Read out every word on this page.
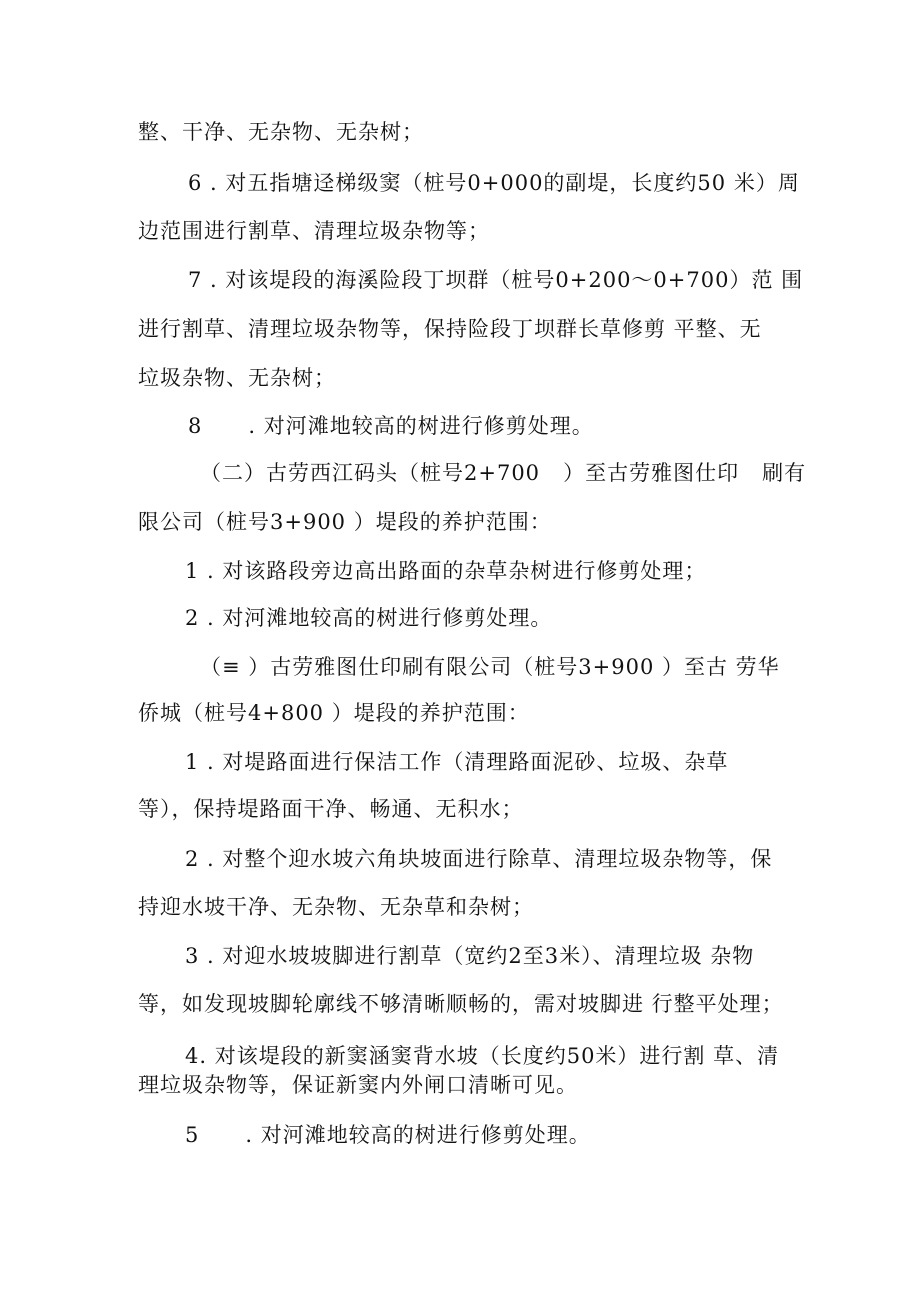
整、干净、无杂物、无杂树；
6 . 对五指塘迳梯级窦（桩号0+000的副堤，长度约50 米）周
边范围进行割草、清理垃圾杂物等；
7 . 对该堤段的海溪险段丁坝群（桩号0+200～0+700）范 围
进行割草、清理垃圾杂物等，保持险段丁坝群长草修剪 平整、无
垃圾杂物、无杂树；
8      . 对河滩地较高的树进行修剪处理。
（二）古劳西江码头（桩号2+700   ）至古劳雅图仕印   刷有
限公司（桩号3+900 ）堤段的养护范围：
1 . 对该路段旁边高出路面的杂草杂树进行修剪处理；
2 . 对河滩地较高的树进行修剪处理。
（≡ ）古劳雅图仕印刷有限公司（桩号3+900 ）至古 劳华
侨城（桩号4+800 ）堤段的养护范围：
1 . 对堤路面进行保洁工作（清理路面泥砂、垃圾、杂草
等），保持堤路面干净、畅通、无积水；
2 . 对整个迎水坡六角块坡面进行除草、清理垃圾杂物等，保
持迎水坡干净、无杂物、无杂草和杂树；
3 . 对迎水坡坡脚进行割草（宽约2至3米）、清理垃圾 杂物
等，如发现坡脚轮廓线不够清晰顺畅的，需对坡脚进 行整平处理；
4. 对该堤段的新窦涵窦背水坡（长度约50米）进行割 草、清
理垃圾杂物等，保证新窦内外闸口清晰可见。
5      . 对河滩地较高的树进行修剪处理。
